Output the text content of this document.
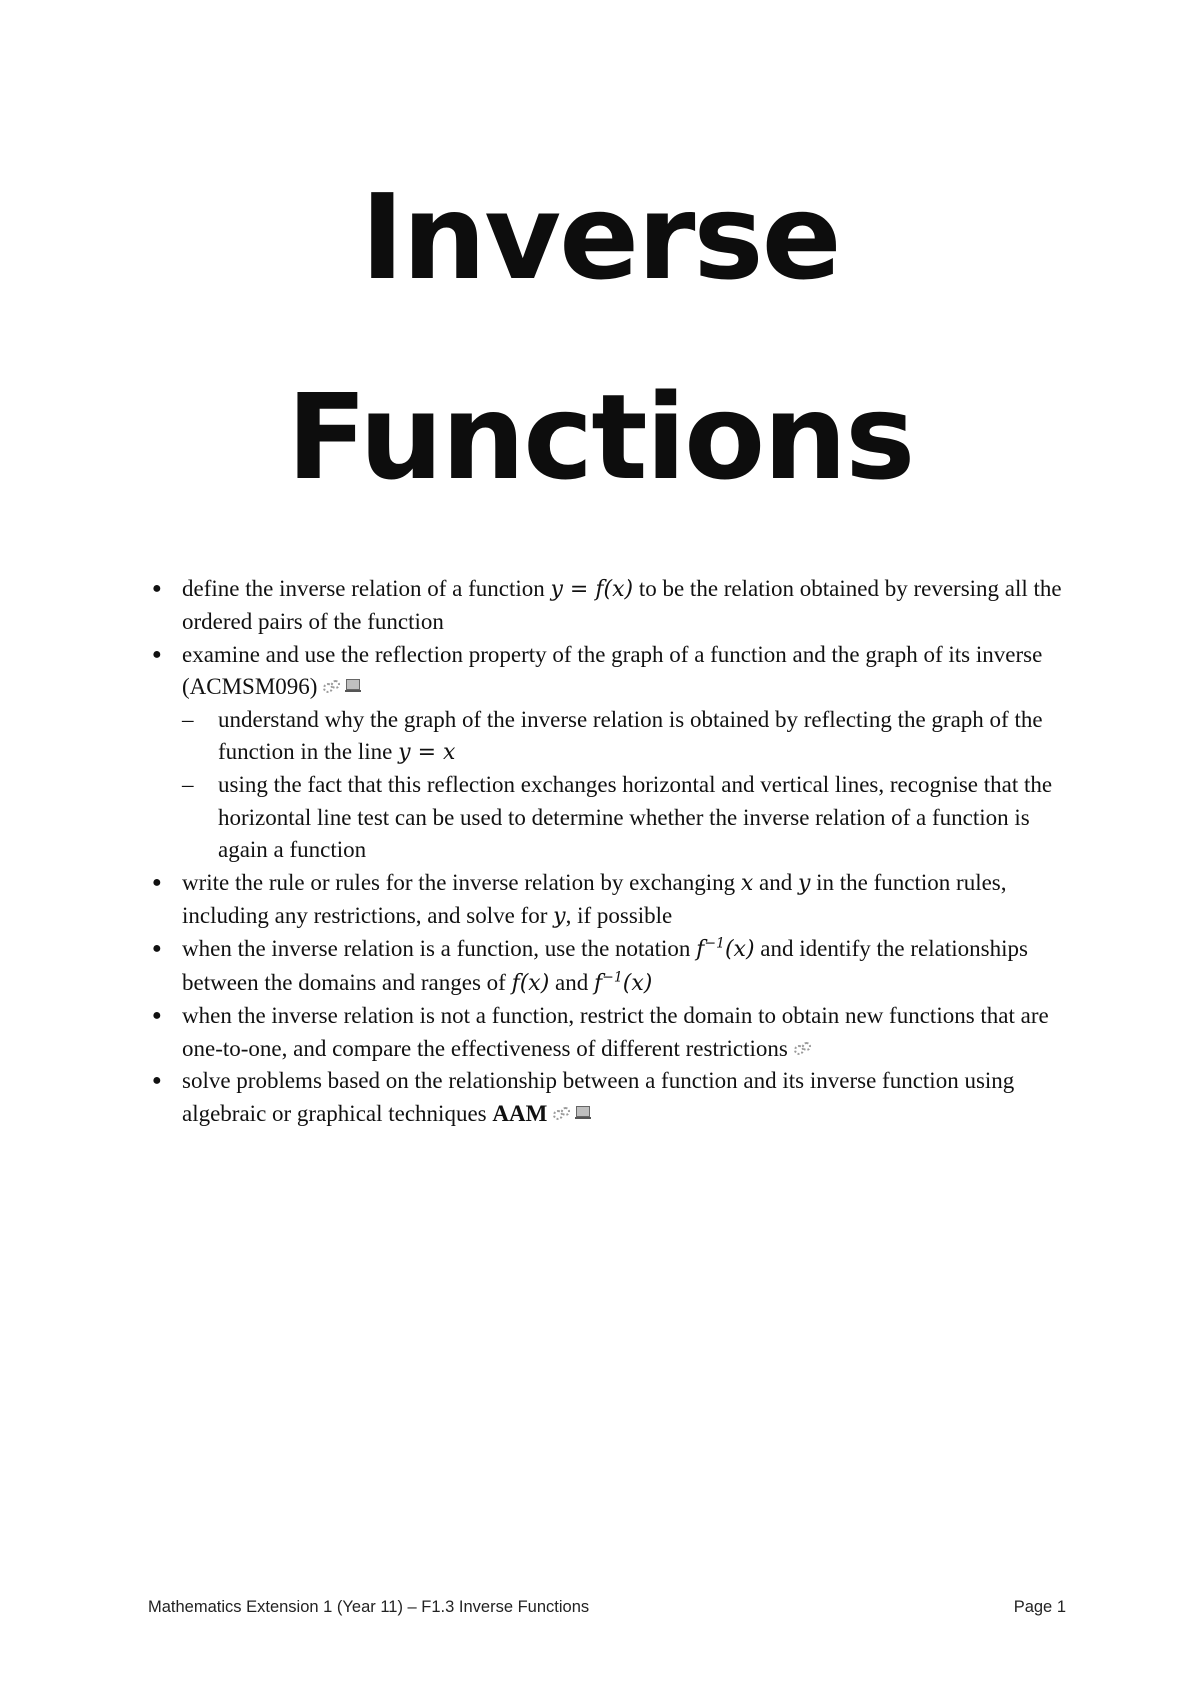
Inverse
Functions
● define the inverse relation of a function y = f(x) to be the relation obtained by reversing all the ordered pairs of the function
● examine and use the reflection property of the graph of a function and the graph of its inverse (ACMSM096)
– understand why the graph of the inverse relation is obtained by reflecting the graph of the function in the line y = x
– using the fact that this reflection exchanges horizontal and vertical lines, recognise that the horizontal line test can be used to determine whether the inverse relation of a function is again a function
● write the rule or rules for the inverse relation by exchanging x and y in the function rules, including any restrictions, and solve for y, if possible
● when the inverse relation is a function, use the notation $f^{-1}(x)$ and identify the relationships between the domains and ranges of f(x) and $f^{-1}(x)$
● when the inverse relation is not a function, restrict the domain to obtain new functions that are one-to-one, and compare the effectiveness of different restrictions
● solve problems based on the relationship between a function and its inverse function using algebraic or graphical techniques AAM
Mathematics Extension 1 (Year 11) – F1.3 Inverse Functions	Page 1
